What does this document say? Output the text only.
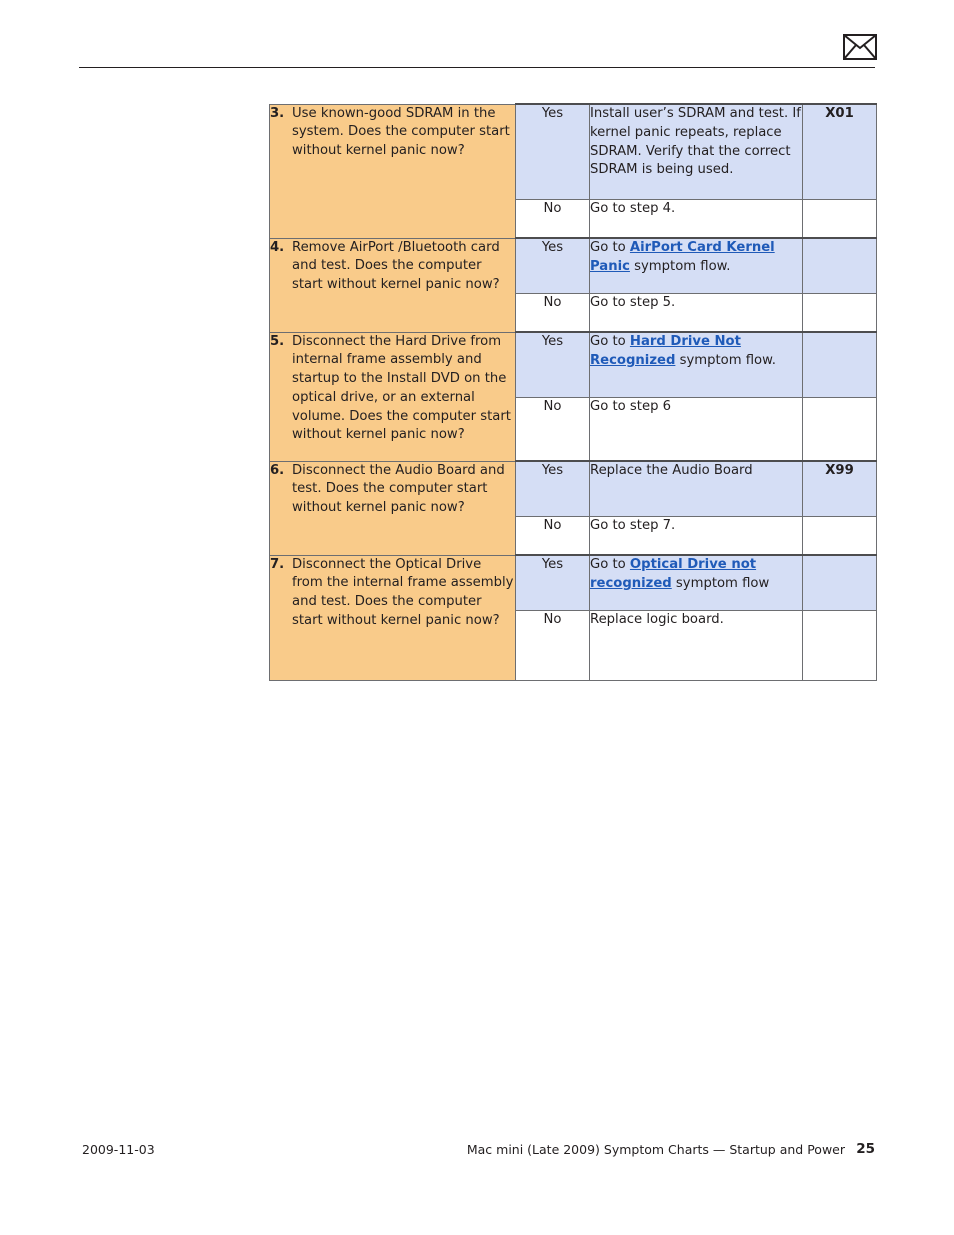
3. Use known-good SDRAM in the system. Does the computer start without kernel panic now?	Yes	Install user’s SDRAM and test. If kernel panic repeats, replace SDRAM. Verify that the correct SDRAM is being used.	X01
	No	Go to step 4.	

4. Remove AirPort /Bluetooth card and test. Does the computer start without kernel panic now?	Yes	Go to AirPort Card Kernel Panic symptom flow.	
	No	Go to step 5.	

5. Disconnect the Hard Drive from internal frame assembly and startup to the Install DVD on the optical drive, or an external volume. Does the computer start without kernel panic now?	Yes	Go to Hard Drive Not Recognized symptom flow.	
	No	Go to step 6	

6. Disconnect the Audio Board and test. Does the computer start without kernel panic now?	Yes	Replace the Audio Board	X99
	No	Go to step 7.	

7. Disconnect the Optical Drive from the internal frame assembly and test. Does the computer start without kernel panic now?	Yes	Go to Optical Drive not recognized symptom flow	
	No	Replace logic board.	
2009-11-03	Mac mini (Late 2009) Symptom Charts — Startup and Power 25
